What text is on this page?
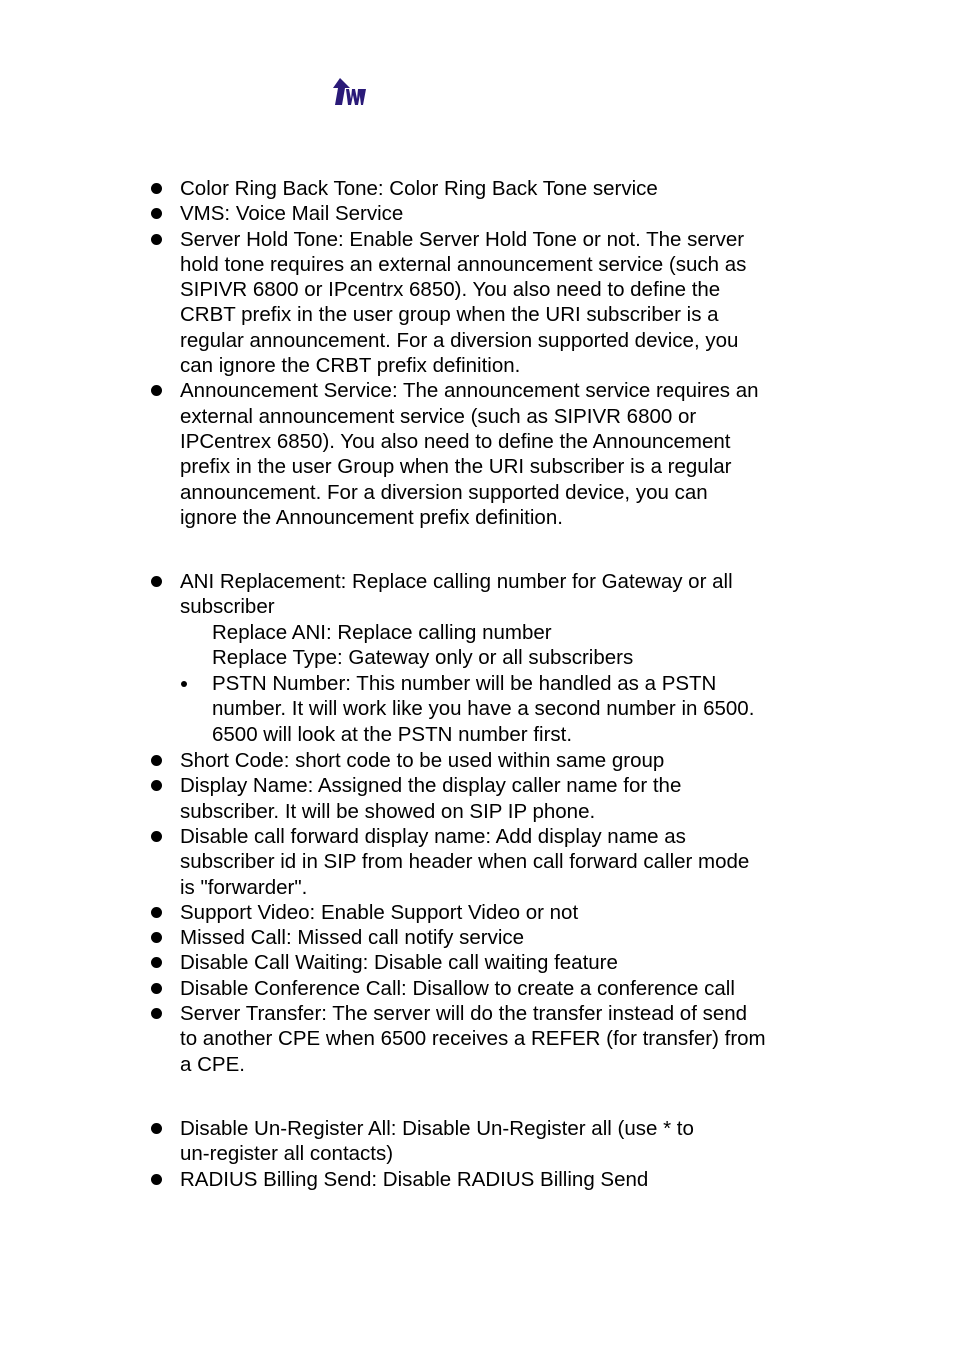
Color Ring Back Tone: Color Ring Back Tone service
VMS: Voice Mail Service
Server Hold Tone: Enable Server Hold Tone or not. The server
hold tone requires an external announcement service (such as
SIPIVR 6800 or IPcentrx 6850). You also need to define the
CRBT prefix in the user group when the URI subscriber is a
regular announcement. For a diversion supported device, you
can ignore the CRBT prefix definition.
Announcement Service: The announcement service requires an
external announcement service (such as SIPIVR 6800 or
IPCentrex 6850). You also need to define the Announcement
prefix in the user Group when the URI subscriber is a regular
announcement. For a diversion supported device, you can
ignore the Announcement prefix definition.
ANI Replacement: Replace calling number for Gateway or all
subscriber
Replace ANI: Replace calling number
Replace Type: Gateway only or all subscribers
PSTN Number: This number will be handled as a PSTN
number. It will work like you have a second number in 6500.
6500 will look at the PSTN number first.
Short Code: short code to be used within same group
Display Name: Assigned the display caller name for the
subscriber. It will be showed on SIP IP phone.
Disable call forward display name: Add display name as
subscriber id in SIP from header when call forward caller mode
is "forwarder".
Support Video: Enable Support Video or not
Missed Call: Missed call notify service
Disable Call Waiting: Disable call waiting feature
Disable Conference Call: Disallow to create a conference call
Server Transfer: The server will do the transfer instead of send
to another CPE when 6500 receives a REFER (for transfer) from
a CPE.
Disable Un-Register All: Disable Un-Register all (use * to
un-register all contacts)
RADIUS Billing Send: Disable RADIUS Billing Send
